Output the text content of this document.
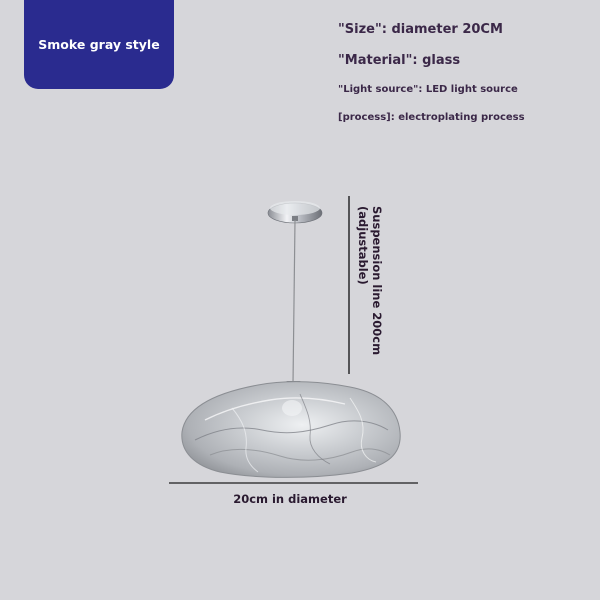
Smoke gray style
"Size": diameter 20CM
"Material": glass
"Light source": LED light source
[process]: electroplating process
Suspension line 200cm (adjustable)
20cm in diameter
